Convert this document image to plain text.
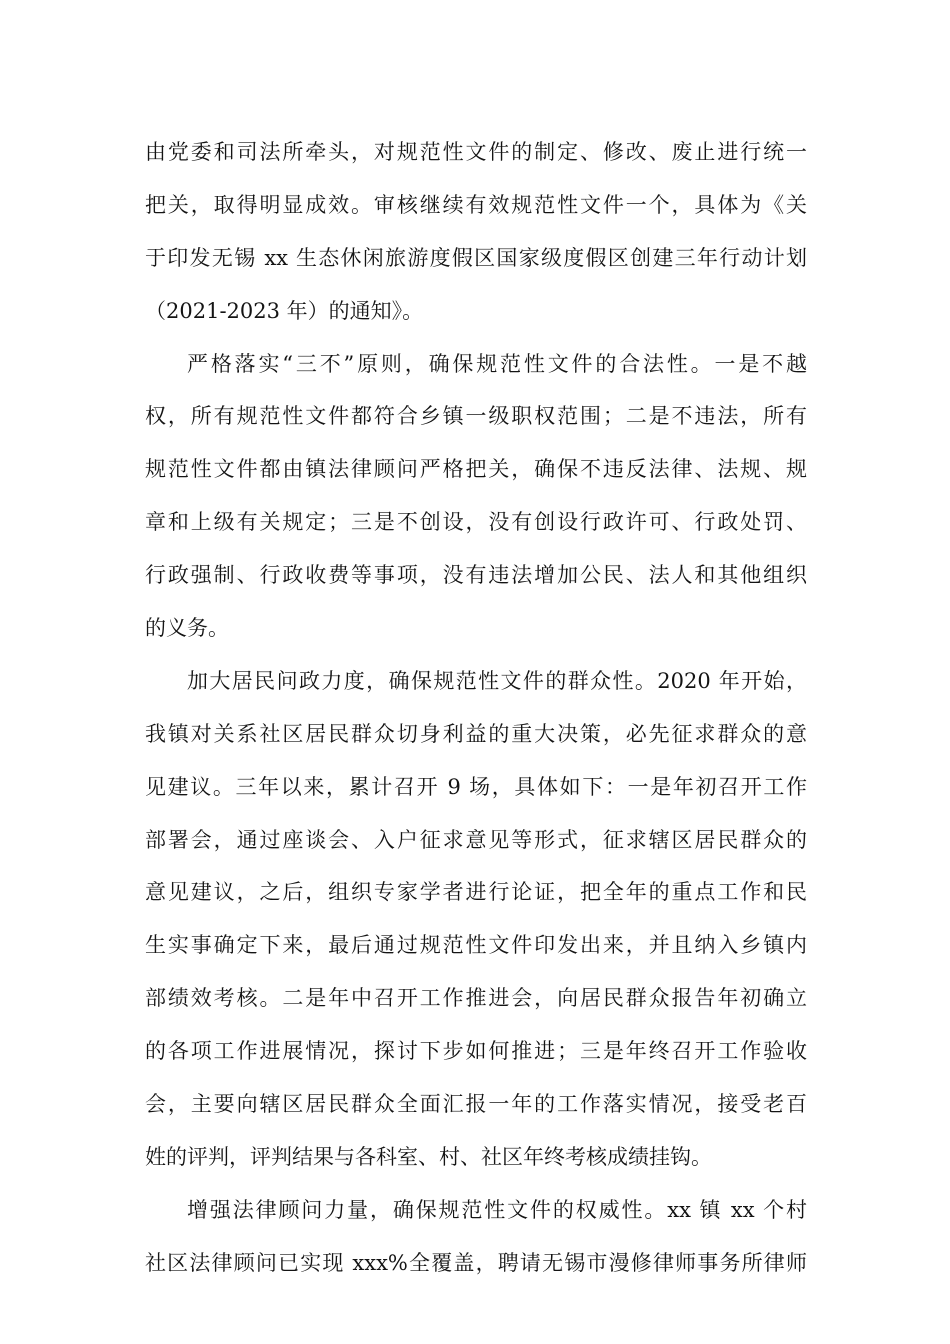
由党委和司法所牵头，对规范性文件的制定、修改、废止进行统一
把关，取得明显成效。审核继续有效规范性文件一个，具体为《关
于印发无锡 xx 生态休闲旅游度假区国家级度假区创建三年行动计划
（2021-2023 年）的通知》。
严格落实“三不”原则，确保规范性文件的合法性。一是不越
权，所有规范性文件都符合乡镇一级职权范围；二是不违法，所有
规范性文件都由镇法律顾问严格把关，确保不违反法律、法规、规
章和上级有关规定；三是不创设，没有创设行政许可、行政处罚、
行政强制、行政收费等事项，没有违法增加公民、法人和其他组织
的义务。
加大居民问政力度，确保规范性文件的群众性。2020 年开始，
我镇对关系社区居民群众切身利益的重大决策，必先征求群众的意
见建议。三年以来，累计召开 9 场，具体如下：一是年初召开工作
部署会，通过座谈会、入户征求意见等形式，征求辖区居民群众的
意见建议，之后，组织专家学者进行论证，把全年的重点工作和民
生实事确定下来，最后通过规范性文件印发出来，并且纳入乡镇内
部绩效考核。二是年中召开工作推进会，向居民群众报告年初确立
的各项工作进展情况，探讨下步如何推进；三是年终召开工作验收
会，主要向辖区居民群众全面汇报一年的工作落实情况，接受老百
姓的评判，评判结果与各科室、村、社区年终考核成绩挂钩。
增强法律顾问力量，确保规范性文件的权威性。xx 镇 xx 个村
社区法律顾问已实现 xxx%全覆盖，聘请无锡市漫修律师事务所律师
